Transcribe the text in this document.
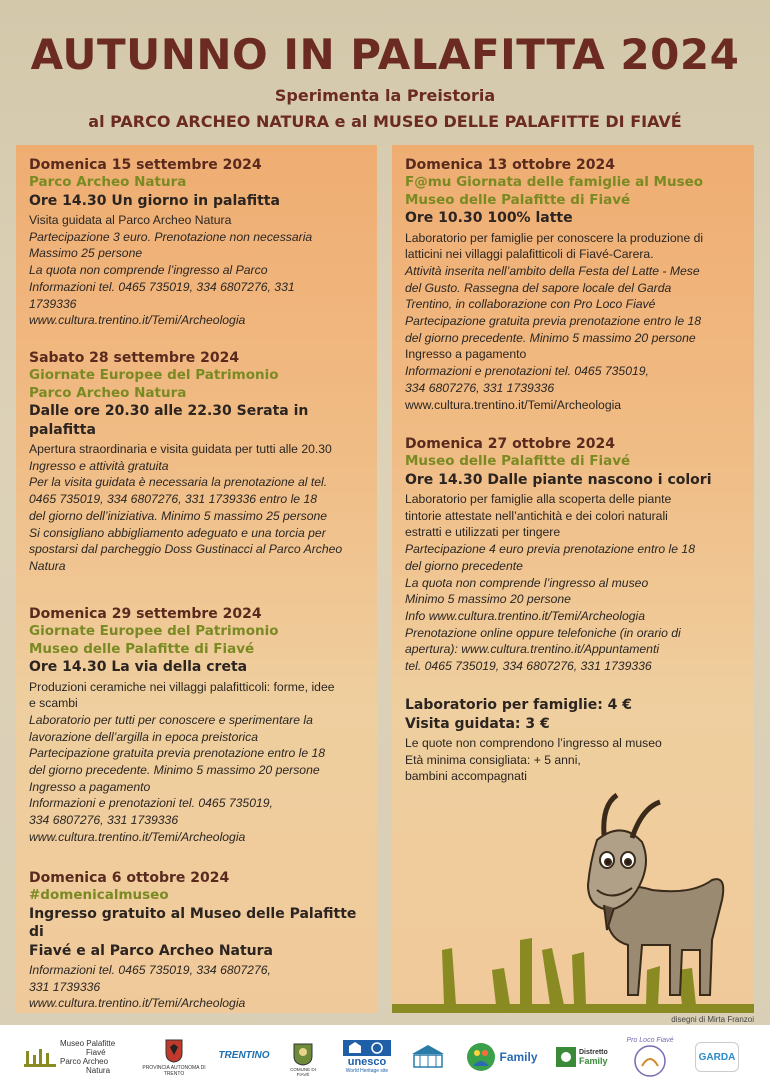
AUTUNNO IN PALAFITTA 2024
Sperimenta la Preistoria
al PARCO ARCHEO NATURA e al MUSEO DELLE PALAFITTE DI FIAVÉ
Domenica 15 settembre 2024
Parco Archeo Natura
Ore 14.30 Un giorno in palafitta
Visita guidata al Parco Archeo Natura
Partecipazione 3 euro. Prenotazione non necessaria
Massimo 25 persone
La quota non comprende l’ingresso al Parco
Informazioni tel. 0465 735019, 334 6807276, 331
1739336
www.cultura.trentino.it/Temi/Archeologia
Sabato 28 settembre 2024
Giornate Europee del Patrimonio
Parco Archeo Natura
Dalle ore 20.30 alle 22.30 Serata in
palafitta
Apertura straordinaria e visita guidata per tutti alle 20.30
Ingresso e attività gratuita
Per la visita guidata è necessaria la prenotazione al tel.
0465 735019, 334 6807276, 331 1739336 entro le 18
del giorno dell’iniziativa. Minimo 5 massimo 25 persone
Si consigliano abbigliamento adeguato e una torcia per
spostarsi dal parcheggio Doss Gustinacci al Parco Archeo
Natura
Domenica 29 settembre 2024
Giornate Europee del Patrimonio
Museo delle Palafitte di Fiavé
Ore 14.30 La via della creta
Produzioni ceramiche nei villaggi palafitticoli: forme, idee
e scambi
Laboratorio per tutti per conoscere e sperimentare la
lavorazione dell’argilla in epoca preistorica
Partecipazione gratuita previa prenotazione entro le 18
del giorno precedente. Minimo 5 massimo 20 persone
Ingresso a pagamento
Informazioni e prenotazioni tel. 0465 735019,
334 6807276, 331 1739336
www.cultura.trentino.it/Temi/Archeologia
Domenica 6 ottobre 2024
#domenicalmuseo
Ingresso gratuito al Museo delle Palafitte di
Fiavé e al Parco Archeo Natura
Informazioni tel. 0465 735019, 334 6807276,
331 1739336
www.cultura.trentino.it/Temi/Archeologia
Domenica 13 ottobre 2024
F@mu Giornata delle famiglie al Museo
Museo delle Palafitte di Fiavé
Ore 10.30 100% latte
Laboratorio per famiglie per conoscere la produzione di
latticini nei villaggi palafitticoli di Fiavé-Carera.
Attività inserita nell’ambito della Festa del Latte - Mese
del Gusto. Rassegna del sapore locale del Garda
Trentino, in collaborazione con Pro Loco Fiavé
Partecipazione gratuita previa prenotazione entro le 18
del giorno precedente. Minimo 5 massimo 20 persone
Ingresso a pagamento
Informazioni e prenotazioni tel. 0465 735019,
334 6807276, 331 1739336
www.cultura.trentino.it/Temi/Archeologia
Domenica 27 ottobre 2024
Museo delle Palafitte di Fiavé
Ore 14.30 Dalle piante nascono i colori
Laboratorio per famiglie alla scoperta delle piante
tintorie attestate nell’antichità e dei colori naturali
estratti e utilizzati per tingere
Partecipazione 4 euro previa prenotazione entro le 18
del giorno precedente
La quota non comprende l’ingresso al museo
Minimo 5 massimo 20 persone
Info www.cultura.trentino.it/Temi/Archeologia
Prenotazione online oppure telefoniche (in orario di
apertura): www.cultura.trentino.it/Appuntamenti
tel. 0465 735019, 334 6807276, 331 1739336
Laboratorio per famiglie: 4 €
Visita guidata: 3 €
Le quote non comprendono l’ingresso al museo
Età minima consigliata: + 5 anni,
bambini accompagnati
disegni di Mirta Franzoi
Museo Palafitte
Fiavé
Parco Archeo
Natura	PROVINCIA AUTONOMA DI TRENTO
TRENTINO
COMUNE DI FIAVÉ
unesco
World Heritage site
Family	Distretto
Family
Pro Loco Fiavé
GARDA
